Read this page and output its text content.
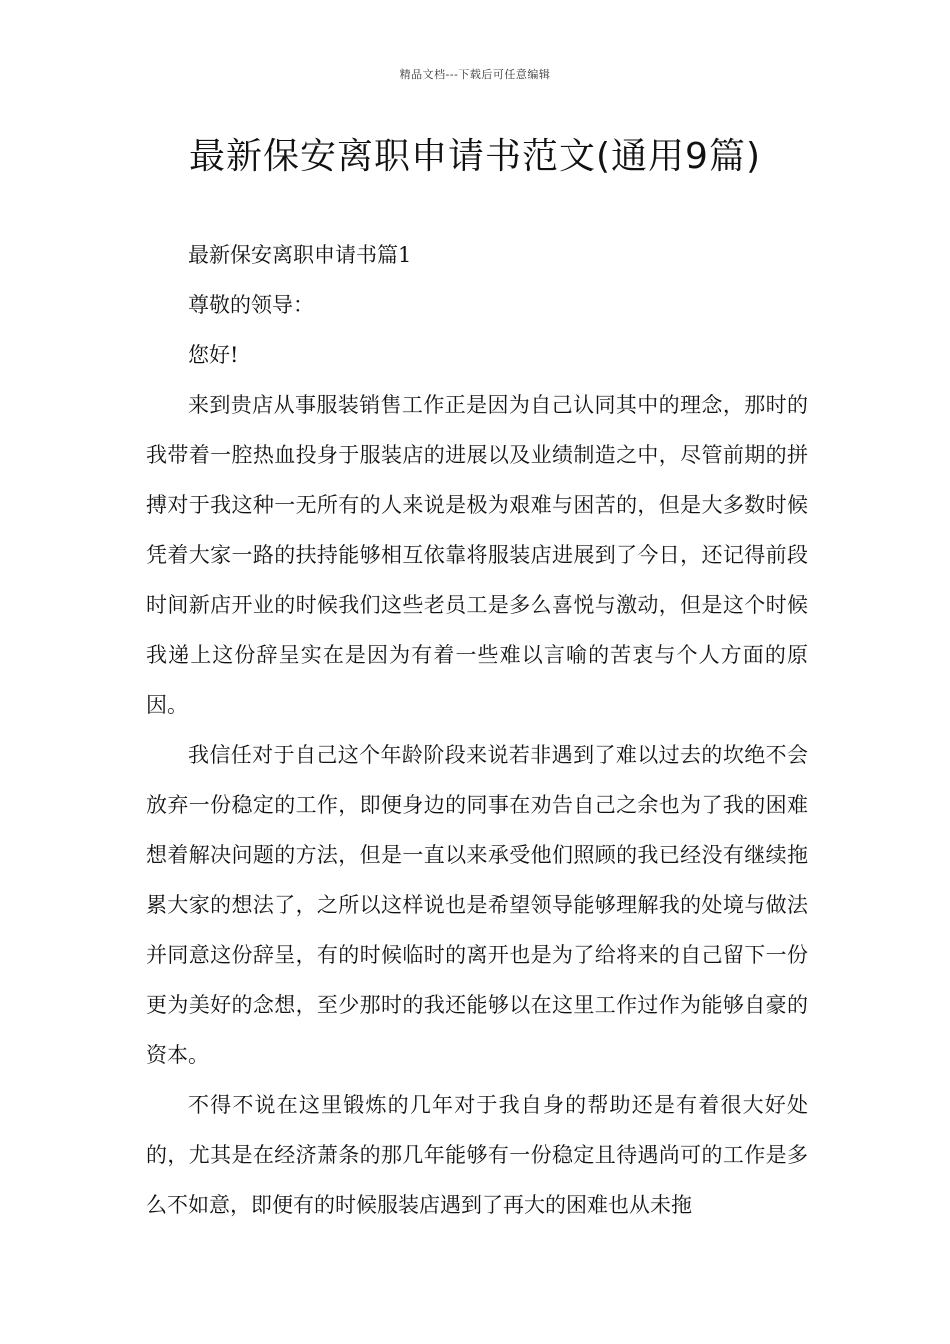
精品文档---下载后可任意编辑
最新保安离职申请书范文(通用9篇)

最新保安离职申请书篇1

尊敬的领导：

您好!

来到贵店从事服装销售工作正是因为自己认同其中的理念，那时的我带着一腔热血投身于服装店的进展以及业绩制造之中，尽管前期的拼搏对于我这种一无所有的人来说是极为艰难与困苦的，但是大多数时候凭着大家一路的扶持能够相互依靠将服装店进展到了今日，还记得前段时间新店开业的时候我们这些老员工是多么喜悦与激动，但是这个时候我递上这份辞呈实在是因为有着一些难以言喻的苦衷与个人方面的原因。

我信任对于自己这个年龄阶段来说若非遇到了难以过去的坎绝不会放弃一份稳定的工作，即便身边的同事在劝告自己之余也为了我的困难想着解决问题的方法，但是一直以来承受他们照顾的我已经没有继续拖累大家的想法了，之所以这样说也是希望领导能够理解我的处境与做法并同意这份辞呈，有的时候临时的离开也是为了给将来的自己留下一份更为美好的念想，至少那时的我还能够以在这里工作过作为能够自豪的资本。

不得不说在这里锻炼的几年对于我自身的帮助还是有着很大好处的，尤其是在经济萧条的那几年能够有一份稳定且待遇尚可的工作是多么不如意，即便有的时候服装店遇到了再大的困难也从未拖
